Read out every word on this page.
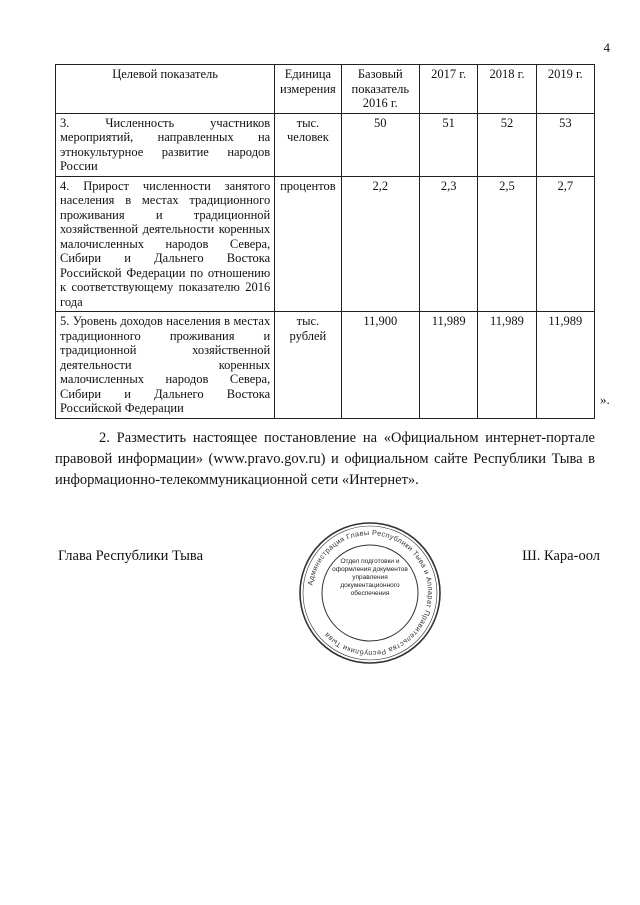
4
Целевой показатель	Единица измерения	Базовый показатель 2016 г.	2017 г.	2018 г.	2019 г.
3. Численность участников мероприятий, направленных на этнокультурное развитие народов России	тыс. человек	50	51	52	53
4. Прирост численности занятого населения в местах традиционного проживания и традиционной хозяйственной деятельности коренных малочисленных народов Севера, Сибири и Дальнего Востока Российской Федерации по отношению к соответствующему показателю 2016 года	процентов	2,2	2,3	2,5	2,7
5. Уровень доходов населения в местах традиционного проживания и традиционной хозяйственной деятельности коренных малочисленных народов Севера, Сибири и Дальнего Востока Российской Федерации	тыс. рублей	11,900	11,989	11,989	11,989
».
2. Разместить настоящее постановление на «Официальном интернет-портале правовой информации» (www.pravo.gov.ru) и официальном сайте Республики Тыва в информационно-телекоммуникационной сети «Интернет».
Глава Республики Тыва
Администрация Главы Республики Тыва и Аппарат Правительства Республики Тыва
Отдел подготовки и оформления документов управления документационного обеспечения
Ш. Кара-оол
